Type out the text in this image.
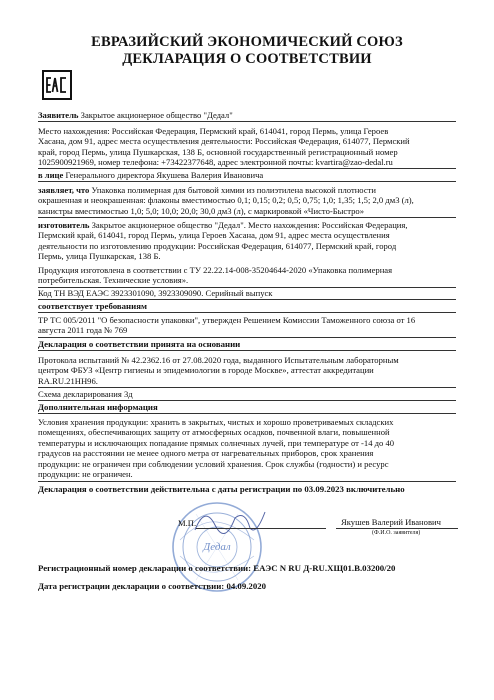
ЕВРАЗИЙСКИЙ ЭКОНОМИЧЕСКИЙ СОЮЗ
ДЕКЛАРАЦИЯ О СООТВЕТСТВИИ
Заявитель Закрытое акционерное общество "Дедал"
Место нахождения: Российская Федерация, Пермский край, 614041, город Пермь, улица Героев
Хасана, дом 91, адрес места осуществления деятельности: Российская Федерация, 614077, Пермский
край, город Пермь, улица Пушкарская, 138 Б, основной государственный регистрационный номер
1025900921969, номер телефона: +73422377648, адрес электронной почты: kvartira@zao-dedal.ru
в лице Генерального директора Якушева Валерия Ивановича
заявляет, что Упаковка полимерная для бытовой химии из полиэтилена высокой плотности
окрашенная и неокрашенная: флаконы вместимостью 0,1; 0,15; 0,2; 0,5; 0,75; 1,0; 1,35; 1,5; 2,0 дм3 (л),
канистры вместимостью 1,0; 5,0; 10,0; 20,0; 30,0 дм3 (л), с маркировкой «Чисто-Быстро»
изготовитель Закрытое акционерное общество "Дедал". Место нахождения: Российская Федерация,
Пермский край, 614041, город Пермь, улица Героев Хасана, дом 91, адрес места осуществления
деятельности по изготовлению продукции: Российская Федерация, 614077, Пермский край, город
Пермь, улица Пушкарская, 138 Б.
Продукция изготовлена в соответствии с ТУ 22.22.14-008-35204644-2020 «Упаковка полимерная
потребительская. Технические условия».
Код ТН ВЭД ЕАЭС 3923301090, 3923309090. Серийный выпуск
соответствует требованиям
ТР ТС 005/2011 "О безопасности упаковки", утвержден Решением Комиссии Таможенного союза от 16
августа 2011 года № 769
Декларация о соответствии принята на основании
Протокола испытаний № 42.2362.16 от 27.08.2020 года, выданного Испытательным лабораторным
центром ФБУЗ «Центр гигиены и эпидемиологии в городе Москве», аттестат аккредитации
RA.RU.21НН96.
Схема декларирования 3д
Дополнительная информация
Условия хранения продукции: хранить в закрытых, чистых и хорошо проветриваемых складских
помещениях, обеспечивающих защиту от атмосферных осадков, почвенной влаги, повышенной
температуры и исключающих попадание прямых солнечных лучей, при температуре от -14 до 40
градусов на расстоянии не менее одного метра от нагревательных приборов, срок хранения
продукции: не ограничен при соблюдении условий хранения. Срок службы (годности) и ресурс
продукции: не ограничен.
Декларация о соответствии действительна с даты регистрации по 03.09.2023 включительно
Дедал
М.П.	Якушев Валерий Иванович
(Ф.И.О. заявителя)
Регистрационный номер декларации о соответствии: ЕАЭС N RU Д-RU.ХЩ01.В.03200/20
Дата регистрации декларации о соответствии: 04.09.2020
